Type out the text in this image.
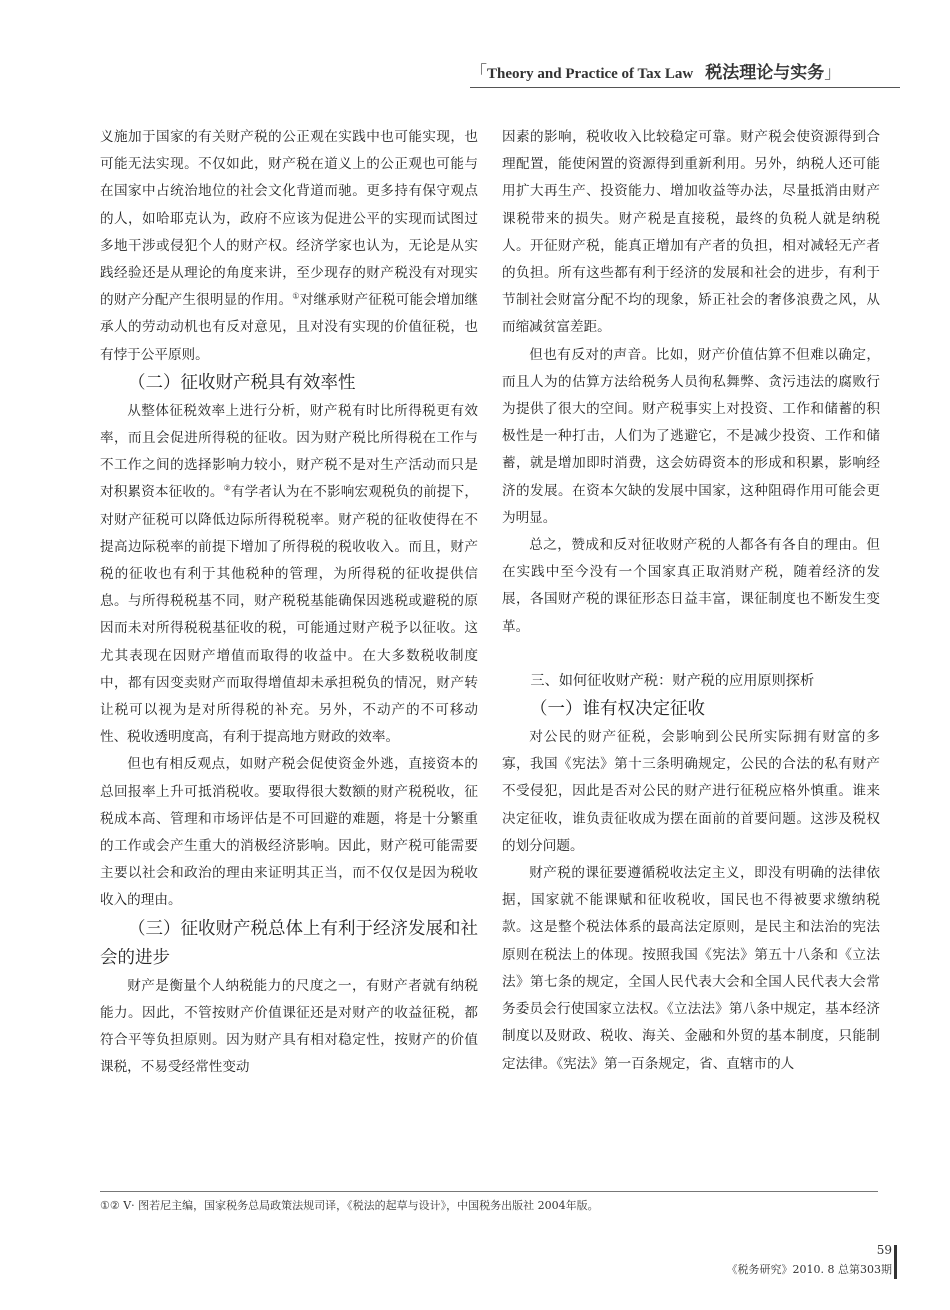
「Theory and Practice of Tax Law 税法理论与实务」

义施加于国家的有关财产税的公正观在实践中也可能实现，也可能无法实现。不仅如此，财产税在道义上的公正观也可能与在国家中占统治地位的社会文化背道而驰。更多持有保守观点的人，如哈耶克认为，政府不应该为促进公平的实现而试图过多地干涉或侵犯个人的财产权。经济学家也认为，无论是从实践经验还是从理论的角度来讲，至少现存的财产税没有对现实的财产分配产生很明显的作用。①对继承财产征税可能会增加继承人的劳动动机也有反对意见，且对没有实现的价值征税，也有悖于公平原则。

（二）征收财产税具有效率性

从整体征税效率上进行分析，财产税有时比所得税更有效率，而且会促进所得税的征收。因为财产税比所得税在工作与不工作之间的选择影响力较小，财产税不是对生产活动而只是对积累资本征收的。②有学者认为在不影响宏观税负的前提下，对财产征税可以降低边际所得税税率。财产税的征收使得在不提高边际税率的前提下增加了所得税的税收收入。而且，财产税的征收也有利于其他税种的管理，为所得税的征收提供信息。与所得税税基不同，财产税税基能确保因逃税或避税的原因而未对所得税税基征收的税，可能通过财产税予以征收。这尤其表现在因财产增值而取得的收益中。在大多数税收制度中，都有因变卖财产而取得增值却未承担税负的情况，财产转让税可以视为是对所得税的补充。另外，不动产的不可移动性、税收透明度高，有利于提高地方财政的效率。

但也有相反观点，如财产税会促使资金外逃，直接资本的总回报率上升可抵消税收。要取得很大数额的财产税税收，征税成本高、管理和市场评估是不可回避的难题，将是十分繁重的工作或会产生重大的消极经济影响。因此，财产税可能需要主要以社会和政治的理由来证明其正当，而不仅仅是因为税收收入的理由。

（三）征收财产税总体上有利于经济发展和社会的进步

财产是衡量个人纳税能力的尺度之一，有财产者就有纳税能力。因此，不管按财产价值课征还是对财产的收益征税，都符合平等负担原则。因为财产具有相对稳定性，按财产的价值课税，不易受经常性变动

因素的影响，税收收入比较稳定可靠。财产税会使资源得到合理配置，能使闲置的资源得到重新利用。另外，纳税人还可能用扩大再生产、投资能力、增加收益等办法，尽量抵消由财产课税带来的损失。财产税是直接税，最终的负税人就是纳税人。开征财产税，能真正增加有产者的负担，相对减轻无产者的负担。所有这些都有利于经济的发展和社会的进步，有利于节制社会财富分配不均的现象，矫正社会的奢侈浪费之风，从而缩减贫富差距。

但也有反对的声音。比如，财产价值估算不但难以确定，而且人为的估算方法给税务人员徇私舞弊、贪污违法的腐败行为提供了很大的空间。财产税事实上对投资、工作和储蓄的积极性是一种打击，人们为了逃避它，不是减少投资、工作和储蓄，就是增加即时消费，这会妨碍资本的形成和积累，影响经济的发展。在资本欠缺的发展中国家，这种阻碍作用可能会更为明显。

总之，赞成和反对征收财产税的人都各有各自的理由。但在实践中至今没有一个国家真正取消财产税，随着经济的发展，各国财产税的课征形态日益丰富，课征制度也不断发生变革。

三、如何征收财产税：财产税的应用原则探析

（一）谁有权决定征收

对公民的财产征税，会影响到公民所实际拥有财富的多寡，我国《宪法》第十三条明确规定，公民的合法的私有财产不受侵犯，因此是否对公民的财产进行征税应格外慎重。谁来决定征收，谁负责征收成为摆在面前的首要问题。这涉及税权的划分问题。

财产税的课征要遵循税收法定主义，即没有明确的法律依据，国家就不能课赋和征收税收，国民也不得被要求缴纳税款。这是整个税法体系的最高法定原则，是民主和法治的宪法原则在税法上的体现。按照我国《宪法》第五十八条和《立法法》第七条的规定，全国人民代表大会和全国人民代表大会常务委员会行使国家立法权。《立法法》第八条中规定，基本经济制度以及财政、税收、海关、金融和外贸的基本制度，只能制定法律。《宪法》第一百条规定，省、直辖市的人

①② V· 图若尼主编，国家税务总局政策法规司译，《税法的起草与设计》，中国税务出版社 2004年版。
59
《税务研究》2010. 8 总第303期
